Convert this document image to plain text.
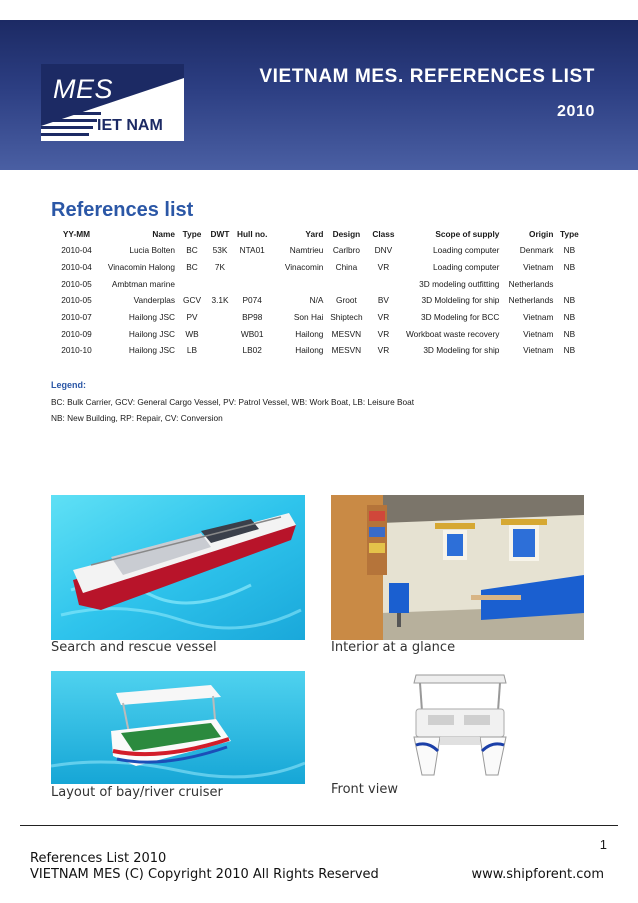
MES
IET NAM
VIETNAM MES. REFERENCES LIST
2010
References list
YY-MM	Name	Type	DWT	Hull no.	Yard	Design	Class	Scope of supply	Origin	Type
2010-04	Lucia Bolten	BC	53K	NTA01	Namtrieu	Carlbro	DNV	Loading computer	Denmark	NB
2010-04	Vinacomin Halong	BC	7K		Vinacomin	China	VR	Loading computer	Vietnam	NB
2010-05	Ambtman marine							3D modeling outfitting	Netherlands	
2010-05	Vanderplas	GCV	3.1K	P074	N/A	Groot	BV	3D Moldeling for ship	Netherlands	NB
2010-07	Hailong JSC	PV		BP98	Son Hai	Shiptech	VR	3D Modeling for BCC	Vietnam	NB
2010-09	Hailong JSC	WB		WB01	Hailong	MESVN	VR	Workboat waste recovery	Vietnam	NB
2010-10	Hailong JSC	LB		LB02	Hailong	MESVN	VR	3D Modeling for ship	Vietnam	NB
Legend:
BC: Bulk Carrier, GCV: General Cargo Vessel, PV: Patrol Vessel, WB: Work Boat, LB: Leisure Boat
NB: New Building, RP: Repair, CV: Conversion
Search and rescue vessel	Interior at a glance
Layout of bay/river cruiser	Front view
1
References List 2010
VIETNAM MES (C) Copyright 2010 All Rights Reserved	www.shipforent.com
